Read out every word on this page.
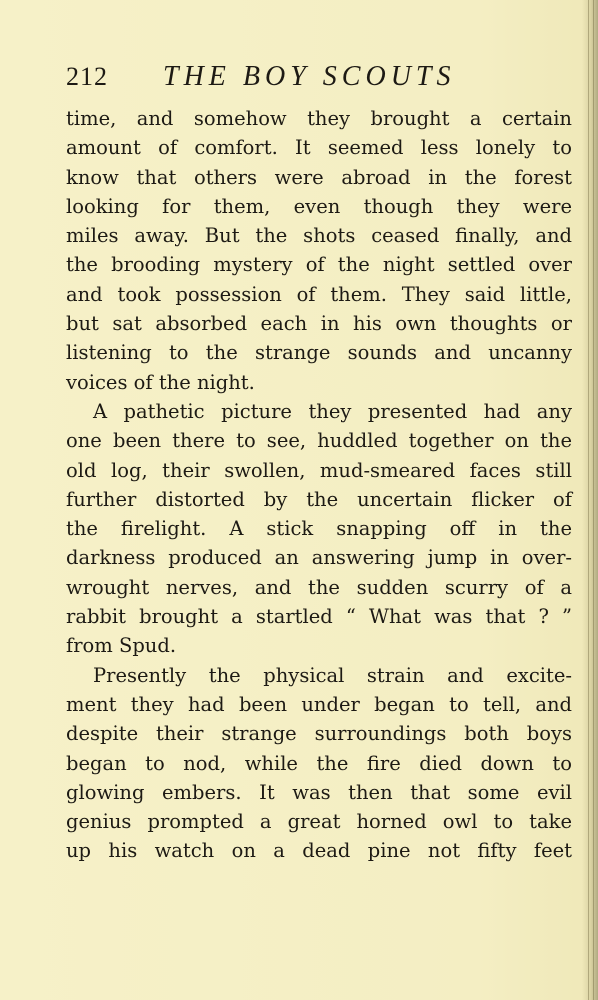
212 THE BOY SCOUTS
time, and somehow they brought a certain
amount of comfort. It seemed less lonely to
know that others were abroad in the forest
looking for them, even though they were
miles away. But the shots ceased finally, and
the brooding mystery of the night settled over
and took possession of them. They said little,
but sat absorbed each in his own thoughts or
listening to the strange sounds and uncanny
voices of the night.
A pathetic picture they presented had any
one been there to see, huddled together on the
old log, their swollen, mud-smeared faces still
further distorted by the uncertain flicker of
the firelight. A stick snapping off in the
darkness produced an answering jump in over-
wrought nerves, and the sudden scurry of a
rabbit brought a startled “ What was that ? ”
from Spud.
Presently the physical strain and excite-
ment they had been under began to tell, and
despite their strange surroundings both boys
began to nod, while the fire died down to
glowing embers. It was then that some evil
genius prompted a great horned owl to take
up his watch on a dead pine not fifty feet
